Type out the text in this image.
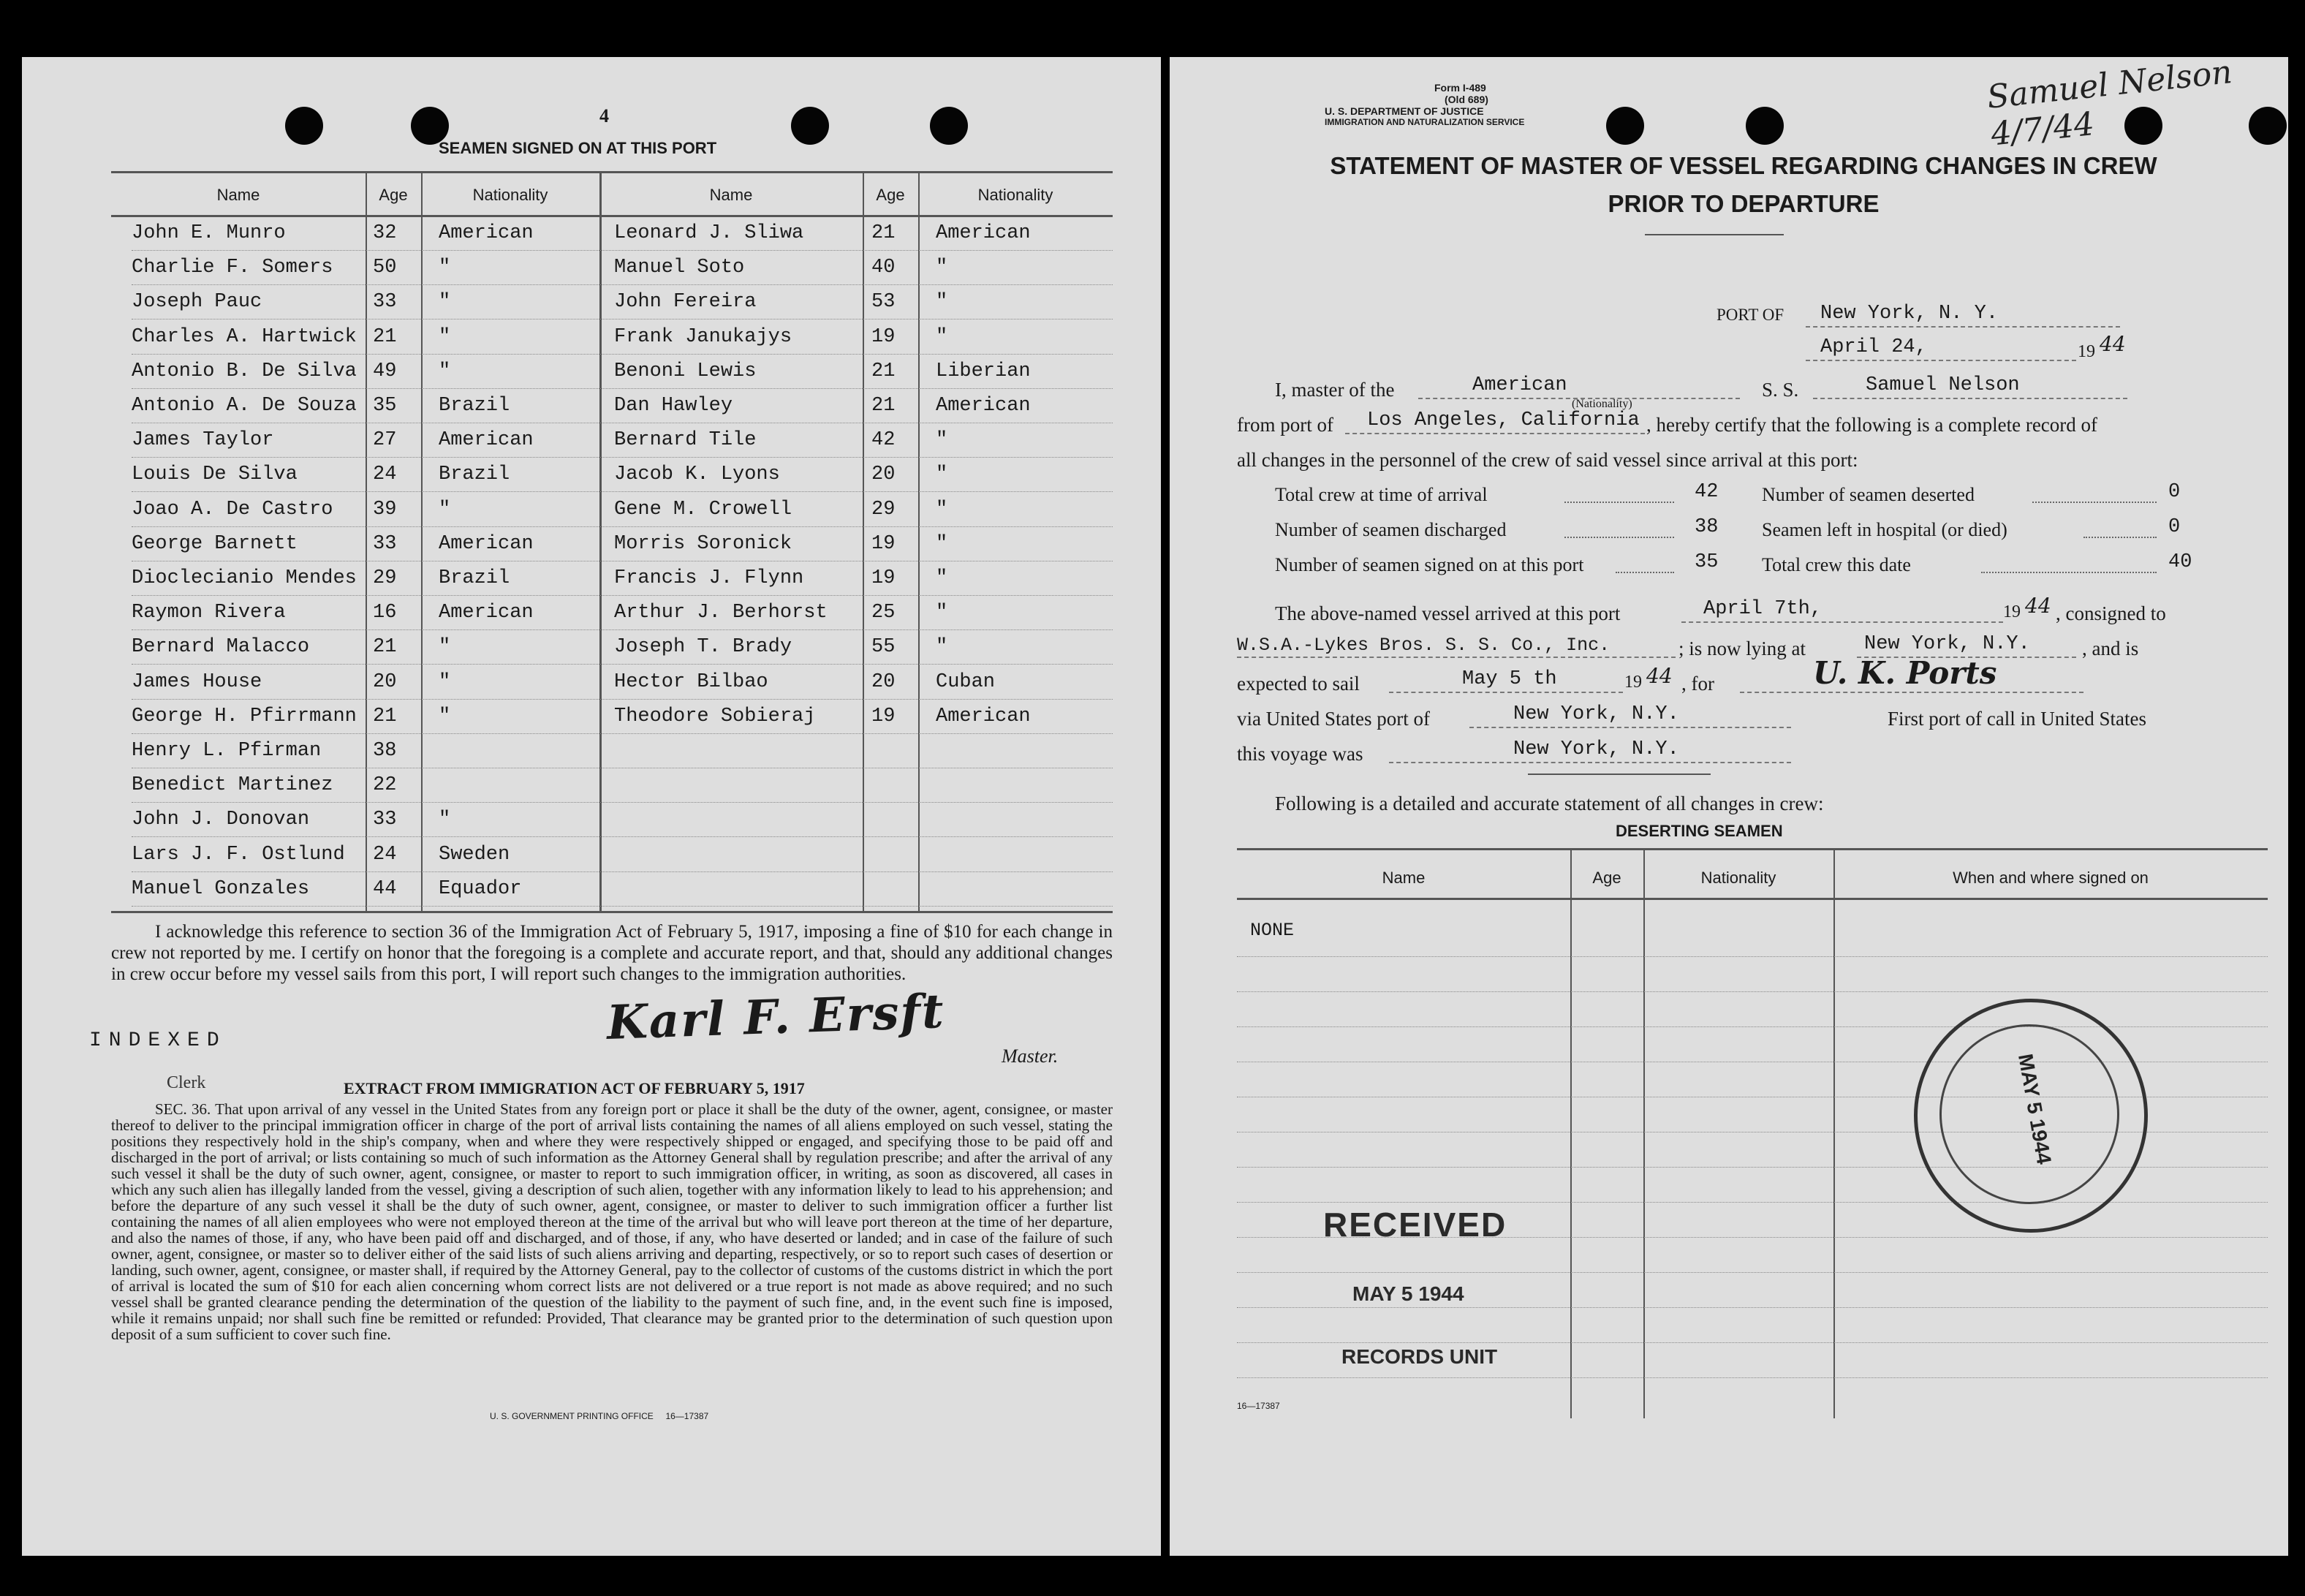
4
SEAMEN SIGNED ON AT THIS PORT
Name	Age	Nationality	Name	Age	Nationality
John E. Munro	32 American
Charlie F. Somers 50 "
Joseph Pauc	33 "
Charles A. Hartwick 21 "
Antonio B. De Silva 49 "
Antonio A. De Souza 35 Brazil
James Taylor	27 American
Louis De Silva	24 Brazil
Joao A. De Castro 39 "
George Barnett	33 American
Dioclecianio Mendes 29 Brazil
Raymon Rivera	16 American
Bernard Malacco	21 "
James House	20 "
George H. Pfirrmann 21 "
Henry L. Pfirman	38
Benedict Martinez 22
John J. Donovan	33 "
Lars J. F. Ostlund 24 Sweden
Manuel Gonzales	44 Equador
Leonard J. Sliwa	21 American
Manuel Soto	40 "
John Fereira	53 "
Frank Janukajys	19 "
Benoni Lewis	21 Liberian
Dan Hawley	21 American
Bernard Tile	42 "
Jacob K. Lyons	20 "
Gene M. Crowell	29 "
Morris Soronick	19 "
Francis J. Flynn	19 "
Arthur J. Berhorst 25 "
Joseph T. Brady	55 "
Hector Bilbao	20 Cuban
Theodore Sobieraj	19 American
I acknowledge this reference to section 36 of the Immigration Act of February 5, 1917, imposing a fine of $10 for each change in crew not reported by me. I certify on honor that the foregoing is a complete and accurate report, and that, should any additional changes in crew occur before my vessel sails from this port, I will report such changes to the immigration authorities.
Karl F. Ersft
Master.
INDEXED
Clerk	EXTRACT FROM IMMIGRATION ACT OF FEBRUARY 5, 1917
SEC. 36. That upon arrival of any vessel in the United States from any foreign port or place it shall be the duty of the owner, agent, consignee, or master thereof to deliver to the principal immigration officer in charge of the port of arrival lists containing the names of all aliens employed on such vessel, stating the positions they respectively hold in the ship's company, when and where they were respectively shipped or engaged, and specifying those to be paid off and discharged in the port of arrival; or lists containing so much of such information as the Attorney General shall by regulation prescribe; and after the arrival of any such vessel it shall be the duty of such owner, agent, consignee, or master to report to such immigration officer, in writing, as soon as discovered, all cases in which any such alien has illegally landed from the vessel, giving a description of such alien, together with any information likely to lead to his apprehension; and before the departure of any such vessel it shall be the duty of such owner, agent, consignee, or master to deliver to such immigration officer a further list containing the names of all alien employees who were not employed thereon at the time of the arrival but who will leave port thereon at the time of her departure, and also the names of those, if any, who have been paid off and discharged, and of those, if any, who have deserted or landed; and in case of the failure of such owner, agent, consignee, or master so to deliver either of the said lists of such aliens arriving and departing, respectively, or so to report such cases of desertion or landing, such owner, agent, consignee, or master shall, if required by the Attorney General, pay to the collector of customs of the customs district in which the port of arrival is located the sum of $10 for each alien concerning whom correct lists are not delivered or a true report is not made as above required; and no such vessel shall be granted clearance pending the determination of the question of the liability to the payment of such fine, and, in the event such fine is imposed, while it remains unpaid; nor shall such fine be remitted or refunded: Provided, That clearance may be granted prior to the determination of such question upon deposit of a sum sufficient to cover such fine.
U. S. GOVERNMENT PRINTING OFFICE     16—17387
Form I-489
(Old 689)
U. S. DEPARTMENT OF JUSTICE
IMMIGRATION AND NATURALIZATION SERVICE
Samuel Nelson 4/7/44
STATEMENT OF MASTER OF VESSEL REGARDING CHANGES IN CREW
PRIOR TO DEPARTURE
PORT OF New York, N. Y.
April 24,	19 44
I, master of the	American
(Nationality)
S. S.	Samuel Nelson
from port of Los Angeles, California , hereby certify that the following is a complete record of
all changes in the personnel of the crew of said vessel since arrival at this port:
Total crew at time of arrival	42
Number of seamen discharged	38
Number of seamen signed on at this port	35
Number of seamen deserted	0
Seamen left in hospital (or died)	0
Total crew this date	40
The above-named vessel arrived at this port	April 7th,	19 44 , consigned to
W.S.A.-Lykes Bros. S. S. Co., Inc.	; is now lying at	New York, N.Y.	, and is
expected to sail	May 5 th	19 44 , for	U. K. Ports
via United States port of	New York, N.Y.	First port of call in United States
this voyage was	New York, N.Y.
Following is a detailed and accurate statement of all changes in crew:
DESERTING SEAMEN
Name	Age	Nationality	When and where signed on
NONE
RECEIVED
MAY 5 1944
RECORDS UNIT
MAY 5 1944
16—17387
